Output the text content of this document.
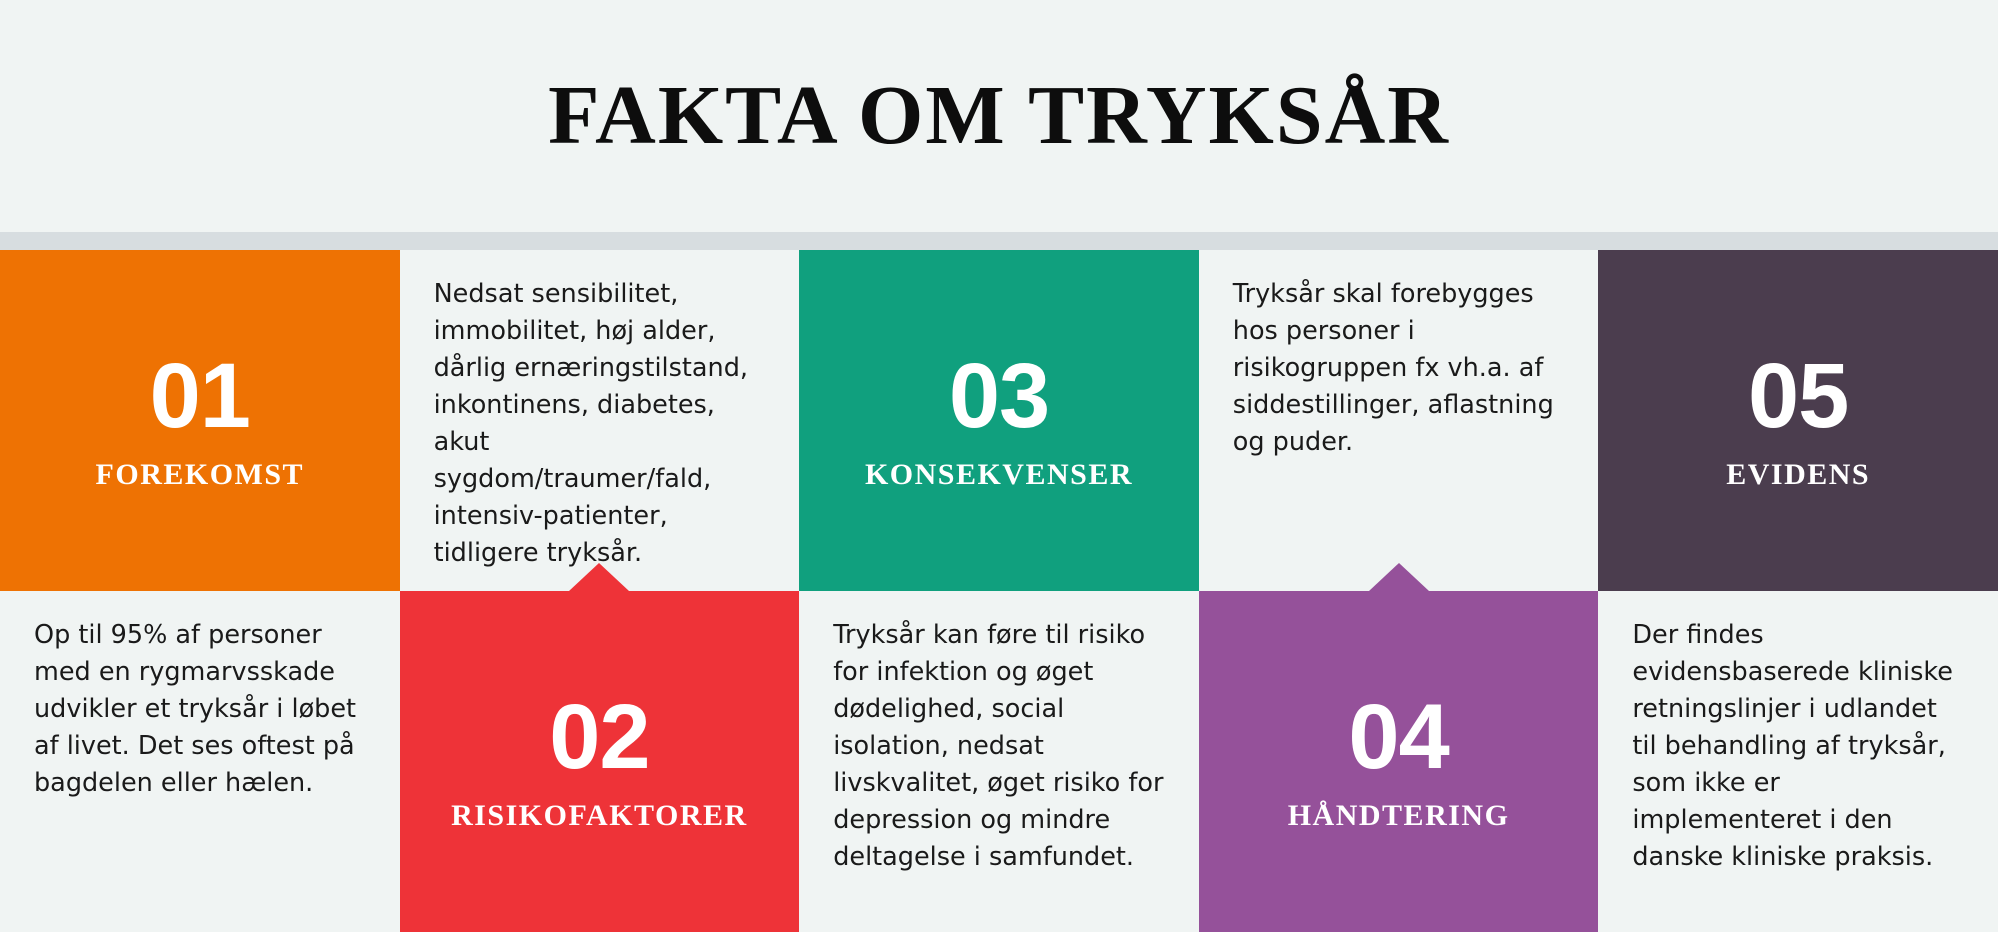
FAKTA OM TRYKSÅR
01
FOREKOMST

Nedsat sensibilitet, immobilitet, høj alder, dårlig ernæringstilstand, inkontinens, diabetes, akut sygdom/traumer/fald, intensiv-patienter, tidligere tryksår.

03
KONSEKVENSER

Tryksår skal forebygges hos personer i risikogruppen fx vh.a. af siddestillinger, aflastning og puder.	05
EVIDENS

Op til 95% af personer med en rygmarvsskade udvikler et tryksår i løbet af livet. Det ses oftest på bagdelen eller hælen.	02
RISIKOFAKTORER

Tryksår kan føre til risiko for infektion og øget dødelighed, social isolation, nedsat livskvalitet, øget risiko for depression og mindre deltagelse i samfundet.

04
HÅNDTERING

Der findes evidensbaserede kliniske retningslinjer i udlandet til behandling af tryksår, som ikke er implementeret i den danske kliniske praksis.
